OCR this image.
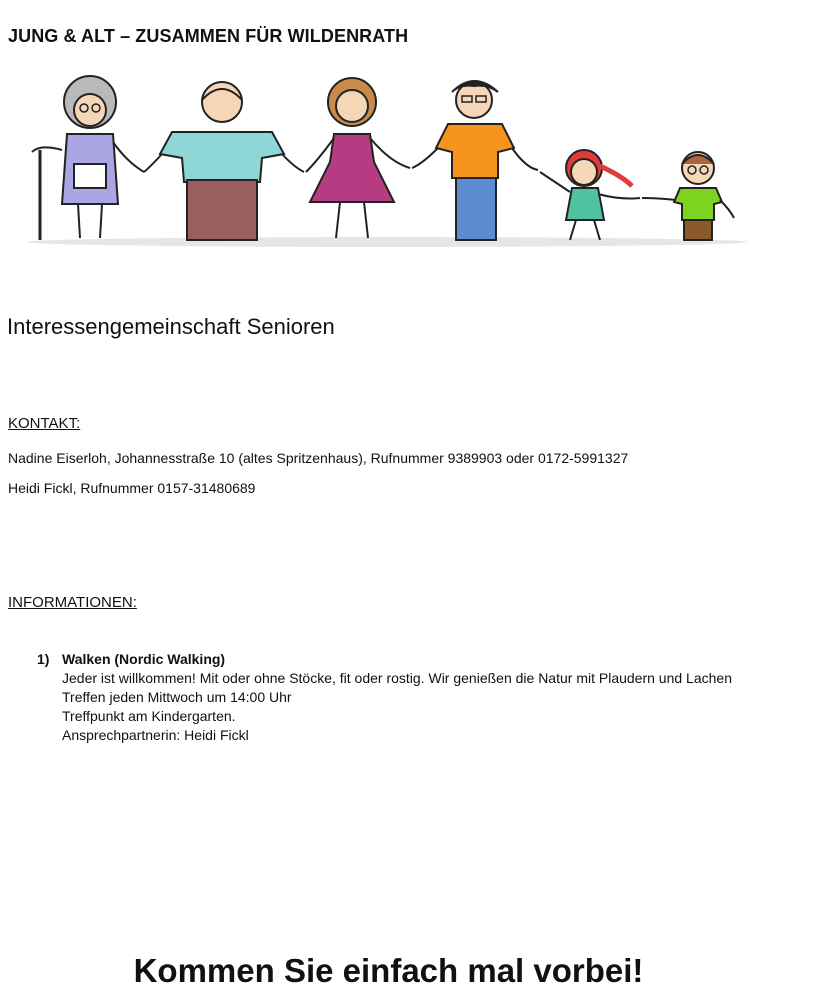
JUNG & ALT – ZUSAMMEN FÜR WILDENRATH
Interessengemeinschaft Senioren
KONTAKT:
Nadine Eiserloh, Johannesstraße 10 (altes Spritzenhaus), Rufnummer 9389903 oder 0172-5991327
Heidi Fickl, Rufnummer 0157-31480689
INFORMATIONEN:
1) Walken (Nordic Walking)
Jeder ist willkommen! Mit oder ohne Stöcke, fit oder rostig. Wir genießen die Natur mit Plaudern und Lachen
Treffen jeden Mittwoch um 14:00 Uhr
Treffpunkt am Kindergarten.
Ansprechpartnerin: Heidi Fickl
Kommen Sie einfach mal vorbei!
